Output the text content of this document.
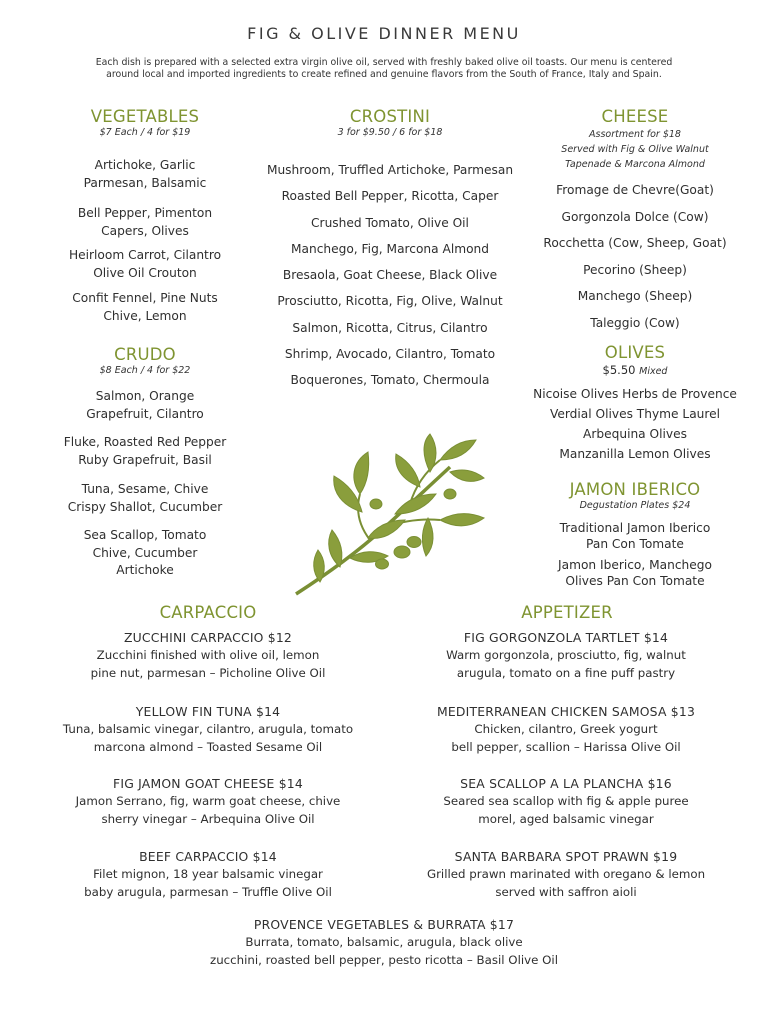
FIG & OLIVE DINNER MENU
Each dish is prepared with a selected extra virgin olive oil, served with freshly baked olive oil toasts. Our menu is centered
around local and imported ingredients to create refined and genuine flavors from the South of France, Italy and Spain.
VEGETABLES
$7 Each / 4 for $19
Artichoke, Garlic
Parmesan, Balsamic
Bell Pepper, Pimenton
Capers, Olives
Heirloom Carrot, Cilantro
Olive Oil Crouton
Confit Fennel, Pine Nuts
Chive, Lemon
CRUDO
$8 Each / 4 for $22
Salmon, Orange
Grapefruit, Cilantro
Fluke, Roasted Red Pepper
Ruby Grapefruit, Basil
Tuna, Sesame, Chive
Crispy Shallot, Cucumber
Sea Scallop, Tomato
Chive, Cucumber
Artichoke
CROSTINI
3 for $9.50 / 6 for $18
Mushroom, Truffled Artichoke, Parmesan
Roasted Bell Pepper, Ricotta, Caper
Crushed Tomato, Olive Oil
Manchego, Fig, Marcona Almond
Bresaola, Goat Cheese, Black Olive
Prosciutto, Ricotta, Fig, Olive, Walnut
Salmon, Ricotta, Citrus, Cilantro
Shrimp, Avocado, Cilantro, Tomato
Boquerones, Tomato, Chermoula
CHEESE
Assortment for $18
Served with Fig & Olive Walnut
Tapenade & Marcona Almond
Fromage de Chevre(Goat)
Gorgonzola Dolce (Cow)
Rocchetta (Cow, Sheep, Goat)
Pecorino (Sheep)
Manchego (Sheep)
Taleggio (Cow)
OLIVES
$5.50 Mixed
Nicoise Olives Herbs de Provence
Verdial Olives Thyme Laurel
Arbequina Olives
Manzanilla Lemon Olives
JAMON IBERICO
Degustation Plates $24
Traditional Jamon Iberico
Pan Con Tomate
Jamon Iberico, Manchego
Olives Pan Con Tomate
CARPACCIO
ZUCCHINI CARPACCIO $12
Zucchini finished with olive oil, lemon
pine nut, parmesan – Picholine Olive Oil
YELLOW FIN TUNA $14
Tuna, balsamic vinegar, cilantro, arugula, tomato
marcona almond – Toasted Sesame Oil
FIG JAMON GOAT CHEESE $14
Jamon Serrano, fig, warm goat cheese, chive
sherry vinegar – Arbequina Olive Oil
BEEF CARPACCIO $14
Filet mignon, 18 year balsamic vinegar
baby arugula, parmesan – Truffle Olive Oil
APPETIZER
FIG GORGONZOLA TARTLET $14
Warm gorgonzola, prosciutto, fig, walnut
arugula, tomato on a fine puff pastry
MEDITERRANEAN CHICKEN SAMOSA $13
Chicken, cilantro, Greek yogurt
bell pepper, scallion – Harissa Olive Oil
SEA SCALLOP A LA PLANCHA $16
Seared sea scallop with fig & apple puree
morel, aged balsamic vinegar
SANTA BARBARA SPOT PRAWN $19
Grilled prawn marinated with oregano & lemon
served with saffron aioli
PROVENCE VEGETABLES & BURRATA $17
Burrata, tomato, balsamic, arugula, black olive
zucchini, roasted bell pepper, pesto ricotta – Basil Olive Oil
